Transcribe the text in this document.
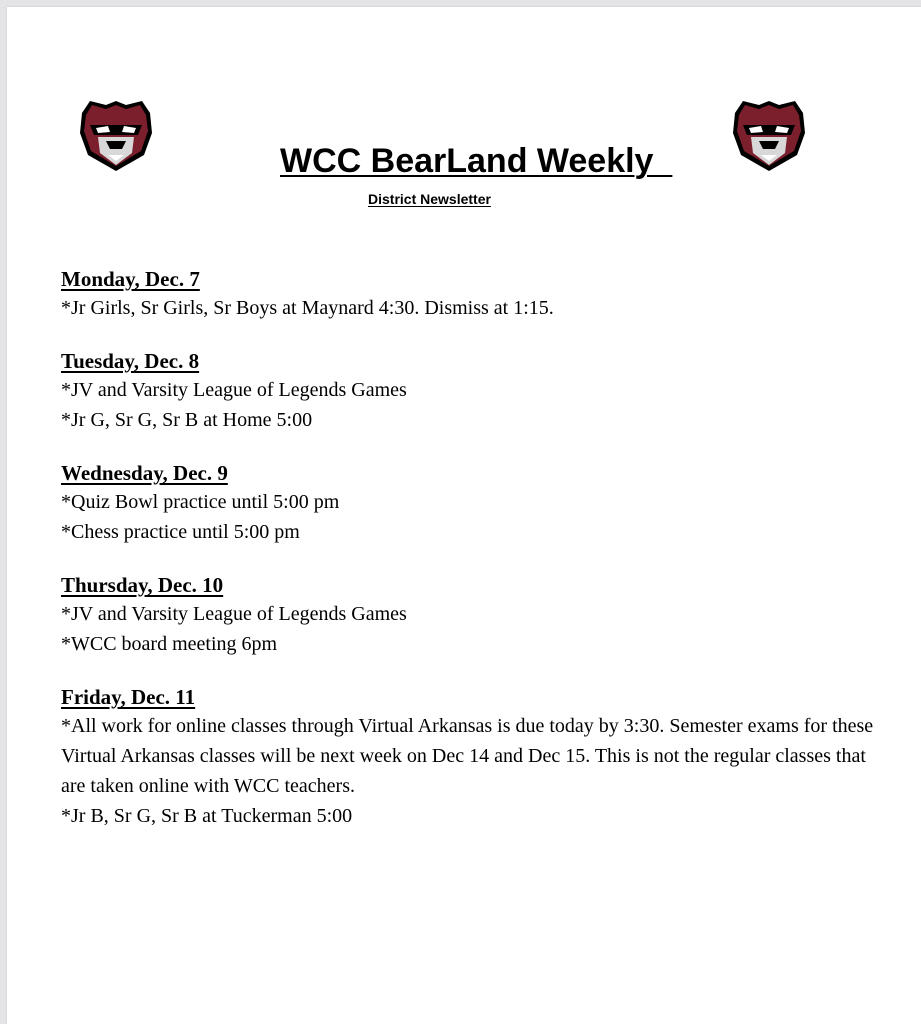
WCC BearLand Weekly
District Newsletter
Monday, Dec. 7

*Jr Girls, Sr Girls, Sr Boys at Maynard 4:30. Dismiss at 1:15.

Tuesday, Dec. 8

*JV and Varsity League of Legends Games

*Jr G, Sr G, Sr B at Home 5:00

Wednesday, Dec. 9

*Quiz Bowl practice until 5:00 pm

*Chess practice until 5:00 pm

Thursday, Dec. 10

*JV and Varsity League of Legends Games

*WCC board meeting 6pm

Friday, Dec. 11

*All work for online classes through Virtual Arkansas is due today by 3:30. Semester exams for these Virtual Arkansas classes will be next week on Dec 14 and Dec 15. This is not the regular classes that are taken online with WCC teachers.

*Jr B, Sr G, Sr B at Tuckerman 5:00
